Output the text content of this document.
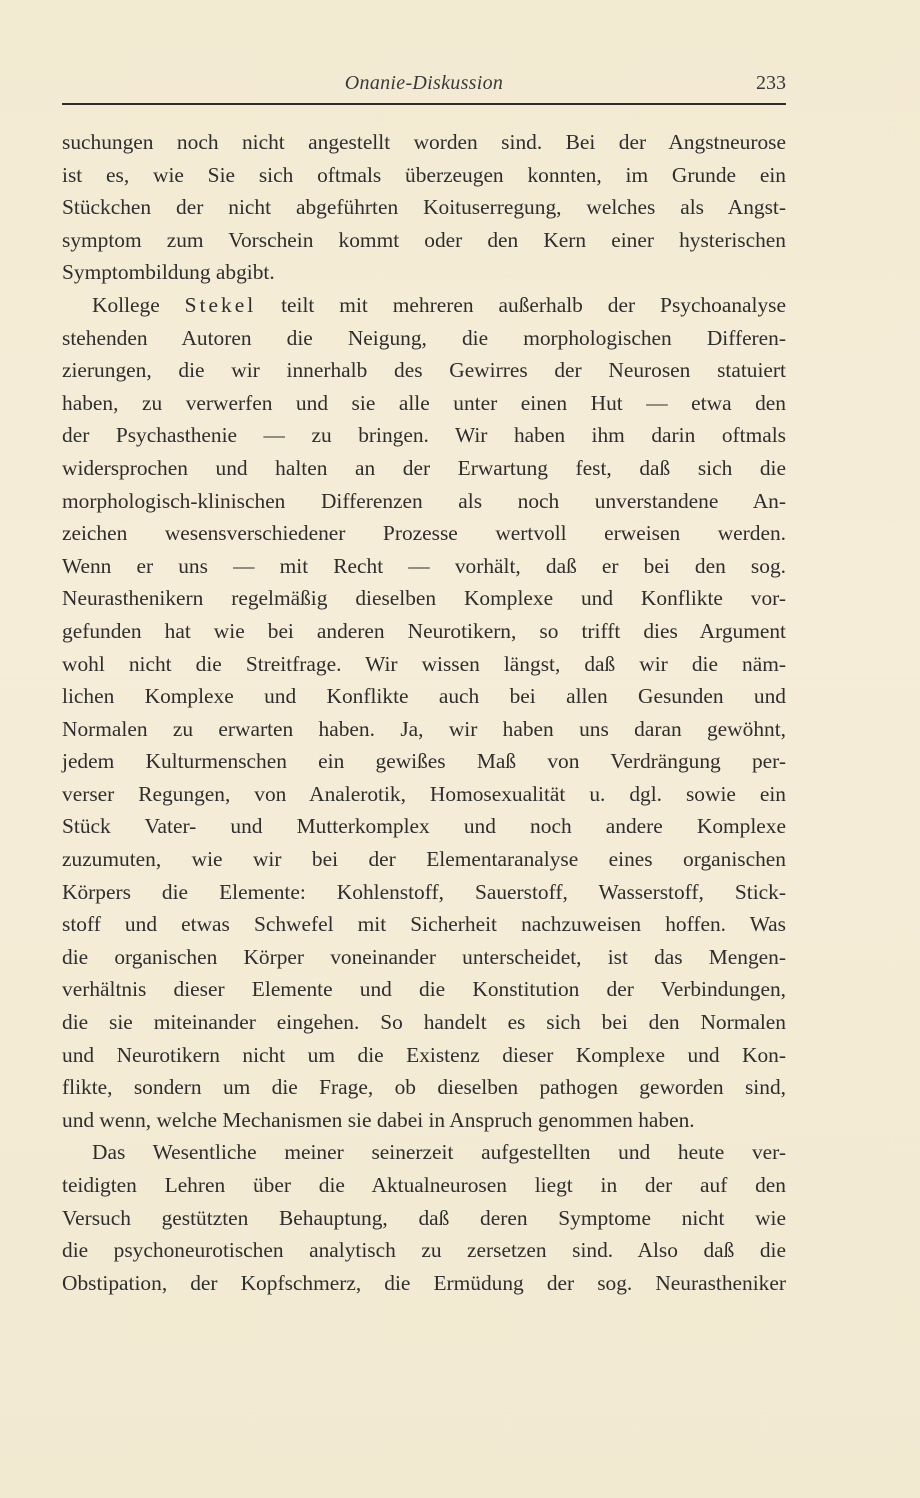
Onanie-Diskussion	233
suchungen noch nicht angestellt worden sind. Bei der Angstneurose
ist es, wie Sie sich oftmals überzeugen konnten, im Grunde ein
Stückchen der nicht abgeführten Koituserregung, welches als Angst-
symptom zum Vorschein kommt oder den Kern einer hysterischen
Symptombildung abgibt.
Kollege Stekel teilt mit mehreren außerhalb der Psychoanalyse
stehenden Autoren die Neigung, die morphologischen Differen-
zierungen, die wir innerhalb des Gewirres der Neurosen statuiert
haben, zu verwerfen und sie alle unter einen Hut — etwa den
der Psychasthenie — zu bringen. Wir haben ihm darin oftmals
widersprochen und halten an der Erwartung fest, daß sich die
morphologisch-klinischen Differenzen als noch unverstandene An-
zeichen wesensverschiedener Prozesse wertvoll erweisen werden.
Wenn er uns — mit Recht — vorhält, daß er bei den sog.
Neurasthenikern regelmäßig dieselben Komplexe und Konflikte vor-
gefunden hat wie bei anderen Neurotikern, so trifft dies Argument
wohl nicht die Streitfrage. Wir wissen längst, daß wir die näm-
lichen Komplexe und Konflikte auch bei allen Gesunden und
Normalen zu erwarten haben. Ja, wir haben uns daran gewöhnt,
jedem Kulturmenschen ein gewißes Maß von Verdrängung per-
verser Regungen, von Analerotik, Homosexualität u. dgl. sowie ein
Stück Vater- und Mutterkomplex und noch andere Komplexe
zuzumuten, wie wir bei der Elementaranalyse eines organischen
Körpers die Elemente: Kohlenstoff, Sauerstoff, Wasserstoff, Stick-
stoff und etwas Schwefel mit Sicherheit nachzuweisen hoffen. Was
die organischen Körper voneinander unterscheidet, ist das Mengen-
verhältnis dieser Elemente und die Konstitution der Verbindungen,
die sie miteinander eingehen. So handelt es sich bei den Normalen
und Neurotikern nicht um die Existenz dieser Komplexe und Kon-
flikte, sondern um die Frage, ob dieselben pathogen geworden sind,
und wenn, welche Mechanismen sie dabei in Anspruch genommen haben.
Das Wesentliche meiner seinerzeit aufgestellten und heute ver-
teidigten Lehren über die Aktualneurosen liegt in der auf den
Versuch gestützten Behauptung, daß deren Symptome nicht wie
die psychoneurotischen analytisch zu zersetzen sind. Also daß die
Obstipation, der Kopfschmerz, die Ermüdung der sog. Neurastheniker
